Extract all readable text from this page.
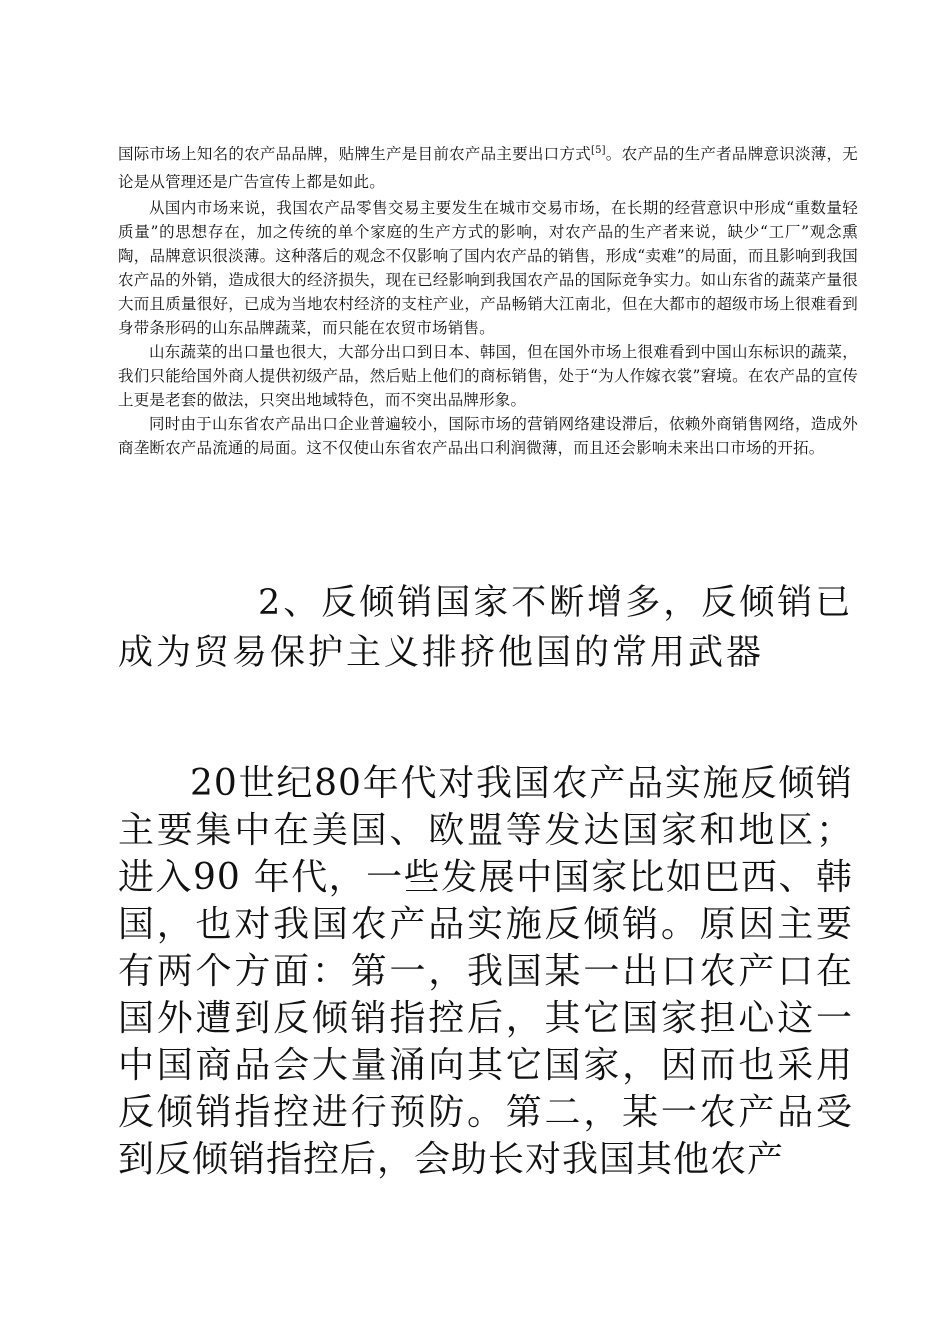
国际市场上知名的农产品品牌，贴牌生产是目前农产品主要出口方式[5]。农产品的生产者品牌意识淡薄，无论是从管理还是广告宣传上都是如此。

从国内市场来说，我国农产品零售交易主要发生在城市交易市场，在长期的经营意识中形成“重数量轻质量”的思想存在，加之传统的单个家庭的生产方式的影响，对农产品的生产者来说，缺少“工厂”观念熏陶，品牌意识很淡薄。这种落后的观念不仅影响了国内农产品的销售，形成“卖难”的局面，而且影响到我国农产品的外销，造成很大的经济损失，现在已经影响到我国农产品的国际竞争实力。如山东省的蔬菜产量很大而且质量很好，已成为当地农村经济的支柱产业，产品畅销大江南北，但在大都市的超级市场上很难看到身带条形码的山东品牌蔬菜，而只能在农贸市场销售。

山东蔬菜的出口量也很大，大部分出口到日本、韩国，但在国外市场上很难看到中国山东标识的蔬菜，我们只能给国外商人提供初级产品，然后贴上他们的商标销售，处于“为人作嫁衣裳”窘境。在农产品的宣传上更是老套的做法，只突出地域特色，而不突出品牌形象。

同时由于山东省农产品出口企业普遍较小，国际市场的营销网络建设滞后，依赖外商销售网络，造成外商垄断农产品流通的局面。这不仅使山东省农产品出口利润微薄，而且还会影响未来出口市场的开拓。

2、反倾销国家不断增多，反倾销已成为贸易保护主义排挤他国的常用武器

20世纪80年代对我国农产品实施反倾销主要集中在美国、欧盟等发达国家和地区；进入90 年代，一些发展中国家比如巴西、韩国，也对我国农产品实施反倾销。原因主要有两个方面：第一，我国某一出口农产口在国外遭到反倾销指控后，其它国家担心这一中国商品会大量涌向其它国家，因而也采用反倾销指控进行预防。第二，某一农产品受到反倾销指控后，会助长对我国其他农产
